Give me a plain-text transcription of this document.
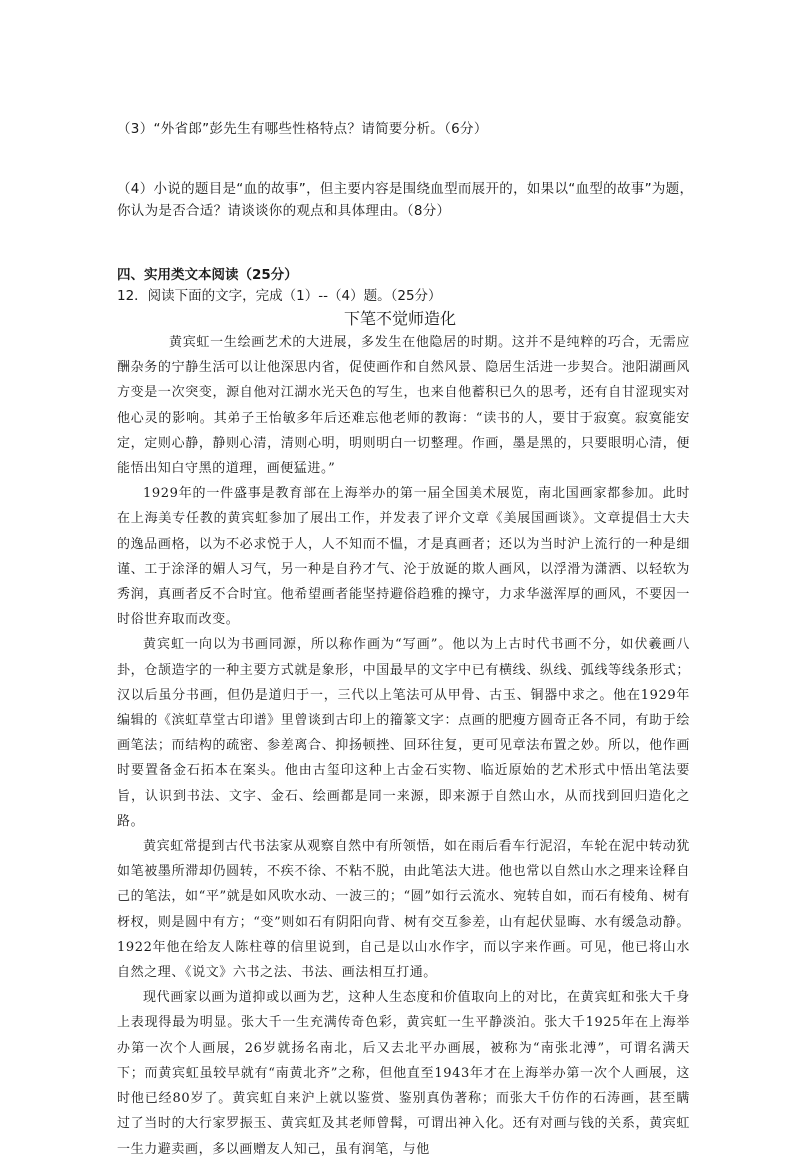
（3）“外省郎”彭先生有哪些性格特点？请简要分析。（6分）
（4）小说的题目是“血的故事”，但主要内容是围绕血型而展开的，如果以“血型的故事”为题，你认为是否合适？请谈谈你的观点和具体理由。（8分）
四、实用类文本阅读（25分）
12．阅读下面的文字，完成（1）--（4）题。（25分）
下笔不觉师造化

黄宾虹一生绘画艺术的大进展，多发生在他隐居的时期。这并不是纯粹的巧合，无需应酬杂务的宁静生活可以让他深思内省，促使画作和自然风景、隐居生活进一步契合。池阳湖画风方变是一次突变，源自他对江湖水光天色的写生，也来自他蓄积已久的思考，还有自甘涩现实对他心灵的影响。其弟子王怡敏多年后还难忘他老师的教诲：“读书的人，要甘于寂寞。寂寞能安定，定则心静，静则心清，清则心明，明则明白一切整理。作画，墨是黑的，只要眼明心清，便能悟出知白守黑的道理，画便猛进。”

1929年的一件盛事是教育部在上海举办的第一届全国美术展览，南北国画家都参加。此时在上海美专任教的黄宾虹参加了展出工作，并发表了评介文章《美展国画谈》。文章提倡士大夫的逸品画格，以为不必求悦于人，人不知而不愠，才是真画者；还以为当时沪上流行的一种是细谨、工于涂泽的媚人习气，另一种是自矜才气、沦于放诞的欺人画风，以浮滑为潇洒、以轻软为秀润，真画者反不合时宜。他希望画者能坚持避俗趋雅的操守，力求华滋浑厚的画风，不要因一时俗世弃取而改变。

黄宾虹一向以为书画同源，所以称作画为“写画”。他以为上古时代书画不分，如伏羲画八卦，仓颉造字的一种主要方式就是象形，中国最早的文字中已有横线、纵线、弧线等线条形式；汉以后虽分书画，但仍是道归于一，三代以上笔法可从甲骨、古玉、铜器中求之。他在1929年编辑的《滨虹草堂古印谱》里曾谈到古印上的籀篆文字：点画的肥瘦方圆奇正各不同，有助于绘画笔法；而结构的疏密、参差离合、抑扬顿挫、回环往复，更可见章法布置之妙。所以，他作画时要置备金石拓本在案头。他由古玺印这种上古金石实物、临近原始的艺术形式中悟出笔法要旨，认识到书法、文字、金石、绘画都是同一来源，即来源于自然山水，从而找到回归造化之路。

黄宾虹常提到古代书法家从观察自然中有所领悟，如在雨后看车行泥沼，车轮在泥中转动犹如笔被墨所滞却仍圆转，不疾不徐、不粘不脱，由此笔法大进。他也常以自然山水之理来诠释自己的笔法，如“平”就是如风吹水动、一波三的；“圆”如行云流水、宛转自如，而石有棱角、树有枒杈，则是圆中有方；“变”则如石有阴阳向背、树有交互参差，山有起伏显晦、水有缓急动静。1922年他在给友人陈柱尊的信里说到，自己是以山水作字，而以字来作画。可见，他已将山水自然之理、《说文》六书之法、书法、画法相互打通。

现代画家以画为道抑或以画为艺，这种人生态度和价值取向上的对比，在黄宾虹和张大千身上表现得最为明显。张大千一生充满传奇色彩，黄宾虹一生平静淡泊。张大千1925年在上海举办第一次个人画展，26岁就扬名南北，后又去北平办画展，被称为“南张北溥”，可谓名满天下；而黄宾虹虽较早就有“南黄北齐”之称，但他直至1943年才在上海举办第一次个人画展，这时他已经80岁了。黄宾虹自来沪上就以鉴赏、鉴别真伪著称；而张大千仿作的石涛画，甚至瞒过了当时的大行家罗振玉、黄宾虹及其老师曾髯，可谓出神入化。还有对画与钱的关系，黄宾虹一生力避卖画，多以画赠友人知己，虽有润笔，与他
